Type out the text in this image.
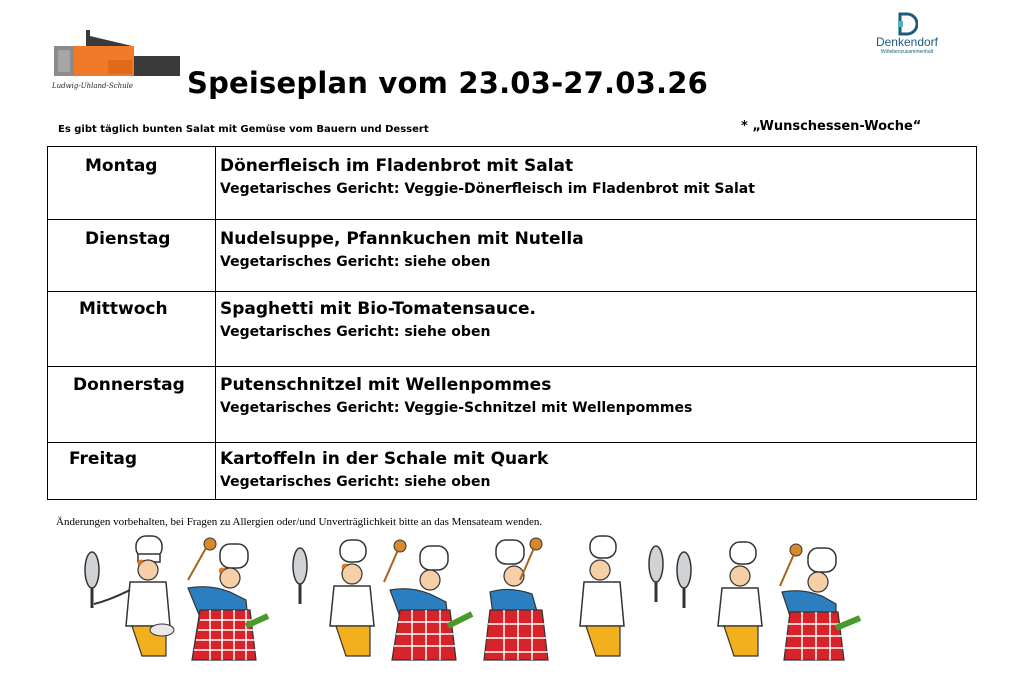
Ludwig-Uhland-Schule	Speiseplan vom 23.03-27.03.26
Denkendorf
Wirlebenzusammenhalt
Es gibt täglich bunten Salat mit Gemüse vom Bauern und Dessert	* „Wunschessen-Woche“
Montag	Dönerfleisch im Fladenbrot mit Salat
Vegetarisches Gericht: Veggie-Dönerfleisch im Fladenbrot mit Salat
Dienstag	Nudelsuppe, Pfannkuchen mit Nutella
Vegetarisches Gericht: siehe oben
Mittwoch	Spaghetti mit Bio-Tomatensauce.
Vegetarisches Gericht: siehe oben
Donnerstag Putenschnitzel mit Wellenpommes
Vegetarisches Gericht: Veggie-Schnitzel mit Wellenpommes
Freitag	Kartoffeln in der Schale mit Quark
Vegetarisches Gericht: siehe oben
Änderungen vorbehalten, bei Fragen zu Allergien oder/und Unverträglichkeit bitte an das Mensateam wenden.
